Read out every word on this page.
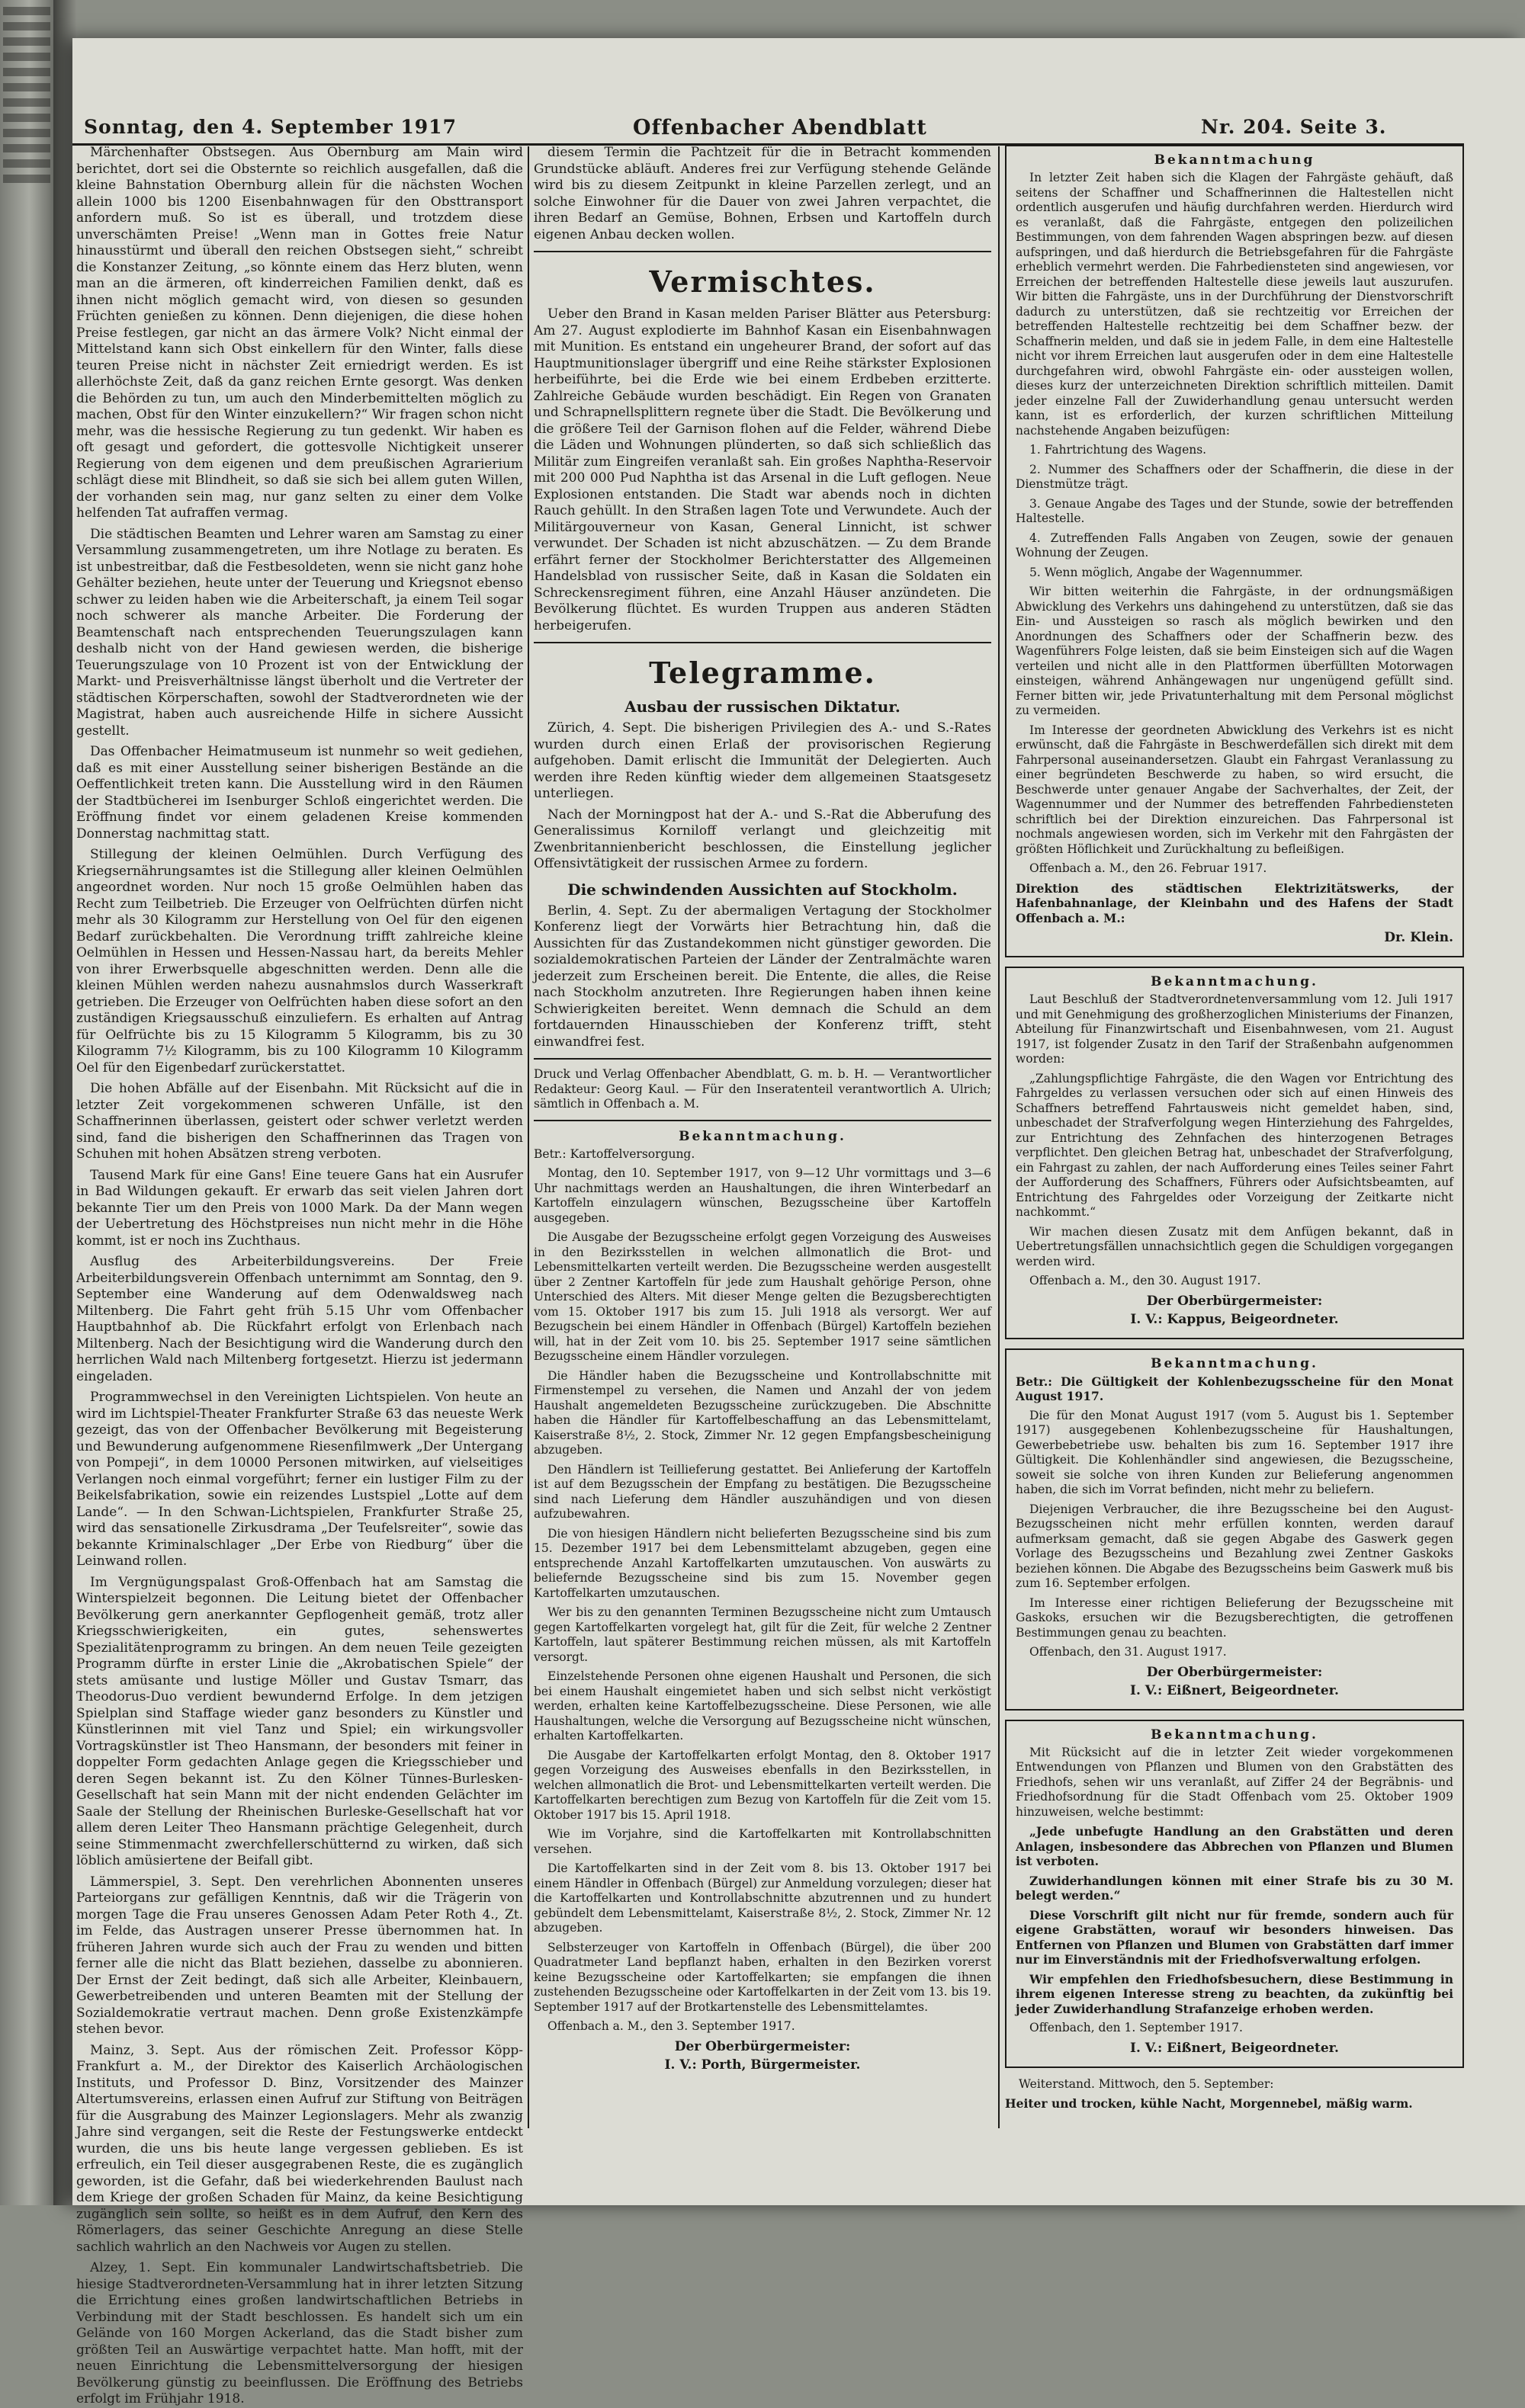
Sonntag, den 4. September 1917	Offenbacher Abendblatt	Nr. 204. Seite 3.

Märchenhafter Obstsegen. Aus Obernburg am Main wird berichtet, dort sei die Obsternte so reichlich ausgefallen, daß die kleine Bahnstation Obernburg allein für die nächsten Wochen allein 1000 bis 1200 Eisenbahnwagen für den Obsttransport anfordern muß. So ist es überall, und trotzdem diese unverschämten Preise! „Wenn man in Gottes freie Natur hinausstürmt und überall den reichen Obstsegen sieht,“ schreibt die Konstanzer Zeitung, „so könnte einem das Herz bluten, wenn man an die ärmeren, oft kinderreichen Familien denkt, daß es ihnen nicht möglich gemacht wird, von diesen so gesunden Früchten genießen zu können. Denn diejenigen, die diese hohen Preise festlegen, gar nicht an das ärmere Volk? Nicht einmal der Mittelstand kann sich Obst einkellern für den Winter, falls diese teuren Preise nicht in nächster Zeit erniedrigt werden. Es ist allerhöchste Zeit, daß da ganz reichen Ernte gesorgt. Was denken die Behörden zu tun, um auch den Minderbemittelten möglich zu machen, Obst für den Winter einzukellern?“ Wir fragen schon nicht mehr, was die hessische Regierung zu tun gedenkt. Wir haben es oft gesagt und gefordert, die gottesvolle Nichtigkeit unserer Regierung von dem eigenen und dem preußischen Agrarierium schlägt diese mit Blindheit, so daß sie sich bei allem guten Willen, der vorhanden sein mag, nur ganz selten zu einer dem Volke helfenden Tat aufraffen vermag.

Die städtischen Beamten und Lehrer waren am Samstag zu einer Versammlung zusammengetreten, um ihre Notlage zu beraten. Es ist unbestreitbar, daß die Festbesoldeten, wenn sie nicht ganz hohe Gehälter beziehen, heute unter der Teuerung und Kriegsnot ebenso schwer zu leiden haben wie die Arbeiterschaft, ja einem Teil sogar noch schwerer als manche Arbeiter. Die Forderung der Beamtenschaft nach entsprechenden Teuerungszulagen kann deshalb nicht von der Hand gewiesen werden, die bisherige Teuerungszulage von 10 Prozent ist von der Entwicklung der Markt- und Preisverhältnisse längst überholt und die Vertreter der städtischen Körperschaften, sowohl der Stadtverordneten wie der Magistrat, haben auch ausreichende Hilfe in sichere Aussicht gestellt.

Das Offenbacher Heimatmuseum ist nunmehr so weit gediehen, daß es mit einer Ausstellung seiner bisherigen Bestände an die Oeffentlichkeit treten kann. Die Ausstellung wird in den Räumen der Stadtbücherei im Isenburger Schloß eingerichtet werden. Die Eröffnung findet vor einem geladenen Kreise kommenden Donnerstag nachmittag statt.

Stillegung der kleinen Oelmühlen. Durch Verfügung des Kriegsernährungsamtes ist die Stillegung aller kleinen Oelmühlen angeordnet worden. Nur noch 15 große Oelmühlen haben das Recht zum Teilbetrieb. Die Erzeuger von Oelfrüchten dürfen nicht mehr als 30 Kilogramm zur Herstellung von Oel für den eigenen Bedarf zurückbehalten. Die Verordnung trifft zahlreiche kleine Oelmühlen in Hessen und Hessen-Nassau hart, da bereits Mehler von ihrer Erwerbsquelle abgeschnitten werden. Denn alle die kleinen Mühlen werden nahezu ausnahmslos durch Wasserkraft getrieben. Die Erzeuger von Oelfrüchten haben diese sofort an den zuständigen Kriegsausschuß einzuliefern. Es erhalten auf Antrag für Oelfrüchte bis zu 15 Kilogramm 5 Kilogramm, bis zu 30 Kilogramm 7½ Kilogramm, bis zu 100 Kilogramm 10 Kilogramm Oel für den Eigenbedarf zurückerstattet.

Die hohen Abfälle auf der Eisenbahn. Mit Rücksicht auf die in letzter Zeit vorgekommenen schweren Unfälle, ist den Schaffnerinnen überlassen, geistert oder schwer verletzt werden sind, fand die bisherigen den Schaffnerinnen das Tragen von Schuhen mit hohen Absätzen streng verboten.

Tausend Mark für eine Gans! Eine teuere Gans hat ein Ausrufer in Bad Wildungen gekauft. Er erwarb das seit vielen Jahren dort bekannte Tier um den Preis von 1000 Mark. Da der Mann wegen der Uebertretung des Höchstpreises nun nicht mehr in die Höhe kommt, ist er noch ins Zuchthaus.

Ausflug des Arbeiterbildungsvereins. Der Freie Arbeiterbildungsverein Offenbach unternimmt am Sonntag, den 9. September eine Wanderung auf dem Odenwaldsweg nach Miltenberg. Die Fahrt geht früh 5.15 Uhr vom Offenbacher Hauptbahnhof ab. Die Rückfahrt erfolgt von Erlenbach nach Miltenberg. Nach der Besichtigung wird die Wanderung durch den herrlichen Wald nach Miltenberg fortgesetzt. Hierzu ist jedermann eingeladen.

Programmwechsel in den Vereinigten Lichtspielen. Von heute an wird im Lichtspiel-Theater Frankfurter Straße 63 das neueste Werk gezeigt, das von der Offenbacher Bevölkerung mit Begeisterung und Bewunderung aufgenommene Riesenfilmwerk „Der Untergang von Pompeji“, in dem 10000 Personen mitwirken, auf vielseitiges Verlangen noch einmal vorgeführt; ferner ein lustiger Film zu der Beikelsfabrikation, sowie ein reizendes Lustspiel „Lotte auf dem Lande“. — In den Schwan-Lichtspielen, Frankfurter Straße 25, wird das sensationelle Zirkusdrama „Der Teufelsreiter“, sowie das bekannte Kriminalschlager „Der Erbe von Riedburg“ über die Leinwand rollen.

Im Vergnügungspalast Groß-Offenbach hat am Samstag die Winterspielzeit begonnen. Die Leitung bietet der Offenbacher Bevölkerung gern anerkannter Gepflogenheit gemäß, trotz aller Kriegsschwierigkeiten, ein gutes, sehenswertes Spezialitätenprogramm zu bringen. An dem neuen Teile gezeigten Programm dürfte in erster Linie die „Akrobatischen Spiele“ der stets amüsante und lustige Möller und Gustav Tsmarr, das Theodorus-Duo verdient bewundernd Erfolge. In dem jetzigen Spielplan sind Staffage wieder ganz besonders zu Künstler und Künstlerinnen mit viel Tanz und Spiel; ein wirkungsvoller Vortragskünstler ist Theo Hansmann, der besonders mit feiner in doppelter Form gedachten Anlage gegen die Kriegsschieber und deren Segen bekannt ist. Zu den Kölner Tünnes-Burlesken-Gesellschaft hat sein Mann mit der nicht endenden Gelächter im Saale der Stellung der Rheinischen Burleske-Gesellschaft hat vor allem deren Leiter Theo Hansmann prächtige Gelegenheit, durch seine Stimmenmacht zwerchfellerschütternd zu wirken, daß sich löblich amüsiertene der Beifall gibt.

Lämmerspiel, 3. Sept. Den verehrlichen Abonnenten unseres Parteiorgans zur gefälligen Kenntnis, daß wir die Trägerin von morgen Tage die Frau unseres Genossen Adam Peter Roth 4., Zt. im Felde, das Austragen unserer Presse übernommen hat. In früheren Jahren wurde sich auch der Frau zu wenden und bitten ferner alle die nicht das Blatt beziehen, dasselbe zu abonnieren. Der Ernst der Zeit bedingt, daß sich alle Arbeiter, Kleinbauern, Gewerbetreibenden und unteren Beamten mit der Stellung der Sozialdemokratie vertraut machen. Denn große Existenzkämpfe stehen bevor.

Mainz, 3. Sept. Aus der römischen Zeit. Professor Köpp-Frankfurt a. M., der Direktor des Kaiserlich Archäologischen Instituts, und Professor D. Binz, Vorsitzender des Mainzer Altertumsvereins, erlassen einen Aufruf zur Stiftung von Beiträgen für die Ausgrabung des Mainzer Legionslagers. Mehr als zwanzig Jahre sind vergangen, seit die Reste der Festungswerke entdeckt wurden, die uns bis heute lange vergessen geblieben. Es ist erfreulich, ein Teil dieser ausgegrabenen Reste, die es zugänglich geworden, ist die Gefahr, daß bei wiederkehrenden Baulust nach dem Kriege der großen Schaden für Mainz, da keine Besichtigung zugänglich sein sollte, so heißt es in dem Aufruf, den Kern des Römerlagers, das seiner Geschichte Anregung an diese Stelle sachlich wahrlich an den Nachweis vor Augen zu stellen.

Alzey, 1. Sept. Ein kommunaler Landwirtschaftsbetrieb. Die hiesige Stadtverordneten-Versammlung hat in ihrer letzten Sitzung die Errichtung eines großen landwirtschaftlichen Betriebs in Verbindung mit der Stadt beschlossen. Es handelt sich um ein Gelände von 160 Morgen Ackerland, das die Stadt bisher zum größten Teil an Auswärtige verpachtet hatte. Man hofft, mit der neuen Einrichtung die Lebensmittelversorgung der hiesigen Bevölkerung günstig zu beeinflussen. Die Eröffnung des Betriebs erfolgt im Frühjahr 1918.

diesem Termin die Pachtzeit für die in Betracht kommenden Grundstücke abläuft. Anderes frei zur Verfügung stehende Gelände wird bis zu diesem Zeitpunkt in kleine Parzellen zerlegt, und an solche Einwohner für die Dauer von zwei Jahren verpachtet, die ihren Bedarf an Gemüse, Bohnen, Erbsen und Kartoffeln durch eigenen Anbau decken wollen.

Vermischtes.

Ueber den Brand in Kasan melden Pariser Blätter aus Petersburg: Am 27. August explodierte im Bahnhof Kasan ein Eisenbahnwagen mit Munition. Es entstand ein ungeheurer Brand, der sofort auf das Hauptmunitionslager übergriff und eine Reihe stärkster Explosionen herbeiführte, bei die Erde wie bei einem Erdbeben erzitterte. Zahlreiche Gebäude wurden beschädigt. Ein Regen von Granaten und Schrapnellsplittern regnete über die Stadt. Die Bevölkerung und die größere Teil der Garnison flohen auf die Felder, während Diebe die Läden und Wohnungen plünderten, so daß sich schließlich das Militär zum Eingreifen veranlaßt sah. Ein großes Naphtha-Reservoir mit 200 000 Pud Naphtha ist das Arsenal in die Luft geflogen. Neue Explosionen entstanden. Die Stadt war abends noch in dichten Rauch gehüllt. In den Straßen lagen Tote und Verwundete. Auch der Militärgouverneur von Kasan, General Linnicht, ist schwer verwundet. Der Schaden ist nicht abzuschätzen. — Zu dem Brande erfährt ferner der Stockholmer Berichterstatter des Allgemeinen Handelsblad von russischer Seite, daß in Kasan die Soldaten ein Schreckensregiment führen, eine Anzahl Häuser anzündeten. Die Bevölkerung flüchtet. Es wurden Truppen aus anderen Städten herbeigerufen.

Telegramme.
Ausbau der russischen Diktatur.

Zürich, 4. Sept. Die bisherigen Privilegien des A.- und S.-Rates wurden durch einen Erlaß der provisorischen Regierung aufgehoben. Damit erlischt die Immunität der Delegierten. Auch werden ihre Reden künftig wieder dem allgemeinen Staatsgesetz unterliegen.

Nach der Morningpost hat der A.- und S.-Rat die Abberufung des Generalissimus Korniloff verlangt und gleichzeitig mit Zwenbritannienbericht beschlossen, die Einstellung jeglicher Offensivtätigkeit der russischen Armee zu fordern.

Die schwindenden Aussichten auf Stockholm.

Berlin, 4. Sept. Zu der abermaligen Vertagung der Stockholmer Konferenz liegt der Vorwärts hier Betrachtung hin, daß die Aussichten für das Zustandekommen nicht günstiger geworden. Die sozialdemokratischen Parteien der Länder der Zentralmächte waren jederzeit zum Erscheinen bereit. Die Entente, die alles, die Reise nach Stockholm anzutreten. Ihre Regierungen haben ihnen keine Schwierigkeiten bereitet. Wenn demnach die Schuld an dem fortdauernden Hinausschieben der Konferenz trifft, steht einwandfrei fest.

Druck und Verlag Offenbacher Abendblatt, G. m. b. H. — Verantwortlicher Redakteur: Georg Kaul. — Für den Inseratenteil verantwortlich A. Ulrich; sämtlich in Offenbach a. M.

Bekanntmachung.

Betr.: Kartoffelversorgung.

Montag, den 10. September 1917, von 9—12 Uhr vormittags und 3—6 Uhr nachmittags werden an Haushaltungen, die ihren Winterbedarf an Kartoffeln einzulagern wünschen, Bezugsscheine über Kartoffeln ausgegeben.

Die Ausgabe der Bezugsscheine erfolgt gegen Vorzeigung des Ausweises in den Bezirksstellen in welchen allmonatlich die Brot- und Lebensmittelkarten verteilt werden. Die Bezugsscheine werden ausgestellt über 2 Zentner Kartoffeln für jede zum Haushalt gehörige Person, ohne Unterschied des Alters. Mit dieser Menge gelten die Bezugsberechtigten vom 15. Oktober 1917 bis zum 15. Juli 1918 als versorgt. Wer auf Bezugschein bei einem Händler in Offenbach (Bürgel) Kartoffeln beziehen will, hat in der Zeit vom 10. bis 25. September 1917 seine sämtlichen Bezugsscheine einem Händler vorzulegen.

Die Händler haben die Bezugsscheine und Kontrollabschnitte mit Firmenstempel zu versehen, die Namen und Anzahl der von jedem Haushalt angemeldeten Bezugsscheine zurückzugeben. Die Abschnitte haben die Händler für Kartoffelbeschaffung an das Lebensmittelamt, Kaiserstraße 8½, 2. Stock, Zimmer Nr. 12 gegen Empfangsbescheinigung abzugeben.

Den Händlern ist Teillieferung gestattet. Bei Anlieferung der Kartoffeln ist auf dem Bezugsschein der Empfang zu bestätigen. Die Bezugsscheine sind nach Lieferung dem Händler auszuhändigen und von diesen aufzubewahren.

Die von hiesigen Händlern nicht belieferten Bezugsscheine sind bis zum 15. Dezember 1917 bei dem Lebensmittelamt abzugeben, gegen eine entsprechende Anzahl Kartoffelkarten umzutauschen. Von auswärts zu beliefernde Bezugsscheine sind bis zum 15. November gegen Kartoffelkarten umzutauschen.

Wer bis zu den genannten Terminen Bezugsscheine nicht zum Umtausch gegen Kartoffelkarten vorgelegt hat, gilt für die Zeit, für welche 2 Zentner Kartoffeln, laut späterer Bestimmung reichen müssen, als mit Kartoffeln versorgt.

Einzelstehende Personen ohne eigenen Haushalt und Personen, die sich bei einem Haushalt eingemietet haben und sich selbst nicht verköstigt werden, erhalten keine Kartoffelbezugsscheine. Diese Personen, wie alle Haushaltungen, welche die Versorgung auf Bezugsscheine nicht wünschen, erhalten Kartoffelkarten.

Die Ausgabe der Kartoffelkarten erfolgt Montag, den 8. Oktober 1917 gegen Vorzeigung des Ausweises ebenfalls in den Bezirksstellen, in welchen allmonatlich die Brot- und Lebensmittelkarten verteilt werden. Die Kartoffelkarten berechtigen zum Bezug von Kartoffeln für die Zeit vom 15. Oktober 1917 bis 15. April 1918.

Wie im Vorjahre, sind die Kartoffelkarten mit Kontrollabschnitten versehen.

Die Kartoffelkarten sind in der Zeit vom 8. bis 13. Oktober 1917 bei einem Händler in Offenbach (Bürgel) zur Anmeldung vorzulegen; dieser hat die Kartoffelkarten und Kontrollabschnitte abzutrennen und zu hundert gebündelt dem Lebensmittelamt, Kaiserstraße 8½, 2. Stock, Zimmer Nr. 12 abzugeben.

Selbsterzeuger von Kartoffeln in Offenbach (Bürgel), die über 200 Quadratmeter Land bepflanzt haben, erhalten in den Bezirken vorerst keine Bezugsscheine oder Kartoffelkarten; sie empfangen die ihnen zustehenden Bezugsscheine oder Kartoffelkarten in der Zeit vom 13. bis 19. September 1917 auf der Brotkartenstelle des Lebensmittelamtes.

Offenbach a. M., den 3. September 1917.

Der Oberbürgermeister:
I. V.: Porth, Bürgermeister.
Bekanntmachung

In letzter Zeit haben sich die Klagen der Fahrgäste gehäuft, daß seitens der Schaffner und Schaffnerinnen die Haltestellen nicht ordentlich ausgerufen und häufig durchfahren werden. Hierdurch wird es veranlaßt, daß die Fahrgäste, entgegen den polizeilichen Bestimmungen, von dem fahrenden Wagen abspringen bezw. auf diesen aufspringen, und daß hierdurch die Betriebsgefahren für die Fahrgäste erheblich vermehrt werden. Die Fahrbediensteten sind angewiesen, vor Erreichen der betreffenden Haltestelle diese jeweils laut auszurufen. Wir bitten die Fahrgäste, uns in der Durchführung der Dienstvorschrift dadurch zu unterstützen, daß sie rechtzeitig vor Erreichen der betreffenden Haltestelle rechtzeitig bei dem Schaffner bezw. der Schaffnerin melden, und daß sie in jedem Falle, in dem eine Haltestelle nicht vor ihrem Erreichen laut ausgerufen oder in dem eine Haltestelle durchgefahren wird, obwohl Fahrgäste ein- oder aussteigen wollen, dieses kurz der unterzeichneten Direktion schriftlich mitteilen. Damit jeder einzelne Fall der Zuwiderhandlung genau untersucht werden kann, ist es erforderlich, der kurzen schriftlichen Mitteilung nachstehende Angaben beizufügen:

1. Fahrtrichtung des Wagens.

2. Nummer des Schaffners oder der Schaffnerin, die diese in der Dienstmütze trägt.

3. Genaue Angabe des Tages und der Stunde, sowie der betreffenden Haltestelle.

4. Zutreffenden Falls Angaben von Zeugen, sowie der genauen Wohnung der Zeugen.

5. Wenn möglich, Angabe der Wagennummer.

Wir bitten weiterhin die Fahrgäste, in der ordnungsmäßigen Abwicklung des Verkehrs uns dahingehend zu unterstützen, daß sie das Ein- und Aussteigen so rasch als möglich bewirken und den Anordnungen des Schaffners oder der Schaffnerin bezw. des Wagenführers Folge leisten, daß sie beim Einsteigen sich auf die Wagen verteilen und nicht alle in den Plattformen überfüllten Motorwagen einsteigen, während Anhängewagen nur ungenügend gefüllt sind. Ferner bitten wir, jede Privatunterhaltung mit dem Personal möglichst zu vermeiden.

Im Interesse der geordneten Abwicklung des Verkehrs ist es nicht erwünscht, daß die Fahrgäste in Beschwerdefällen sich direkt mit dem Fahrpersonal auseinandersetzen. Glaubt ein Fahrgast Veranlassung zu einer begründeten Beschwerde zu haben, so wird ersucht, die Beschwerde unter genauer Angabe der Sachverhaltes, der Zeit, der Wagennummer und der Nummer des betreffenden Fahrbediensteten schriftlich bei der Direktion einzureichen. Das Fahrpersonal ist nochmals angewiesen worden, sich im Verkehr mit den Fahrgästen der größten Höflichkeit und Zurückhaltung zu befleißigen.

Offenbach a. M., den 26. Februar 1917.

Direktion des städtischen Elektrizitätswerks, der Hafenbahnanlage, der Kleinbahn und des Hafens der Stadt Offenbach a. M.:

Dr. Klein.
Bekanntmachung.

Laut Beschluß der Stadtverordnetenversammlung vom 12. Juli 1917 und mit Genehmigung des großherzoglichen Ministeriums der Finanzen, Abteilung für Finanzwirtschaft und Eisenbahnwesen, vom 21. August 1917, ist folgender Zusatz in den Tarif der Straßenbahn aufgenommen worden:

„Zahlungspflichtige Fahrgäste, die den Wagen vor Entrichtung des Fahrgeldes zu verlassen versuchen oder sich auf einen Hinweis des Schaffners betreffend Fahrtausweis nicht gemeldet haben, sind, unbeschadet der Strafverfolgung wegen Hinterziehung des Fahrgeldes, zur Entrichtung des Zehnfachen des hinterzogenen Betrages verpflichtet. Den gleichen Betrag hat, unbeschadet der Strafverfolgung, ein Fahrgast zu zahlen, der nach Aufforderung eines Teiles seiner Fahrt der Aufforderung des Schaffners, Führers oder Aufsichtsbeamten, auf Entrichtung des Fahrgeldes oder Vorzeigung der Zeitkarte nicht nachkommt.“

Wir machen diesen Zusatz mit dem Anfügen bekannt, daß in Uebertretungsfällen unnachsichtlich gegen die Schuldigen vorgegangen werden wird.

Offenbach a. M., den 30. August 1917.

Der Oberbürgermeister:
I. V.: Kappus, Beigeordneter.
Bekanntmachung.

Betr.: Die Gültigkeit der Kohlenbezugsscheine für den Monat August 1917.

Die für den Monat August 1917 (vom 5. August bis 1. September 1917) ausgegebenen Kohlenbezugsscheine für Haushaltungen, Gewerbebetriebe usw. behalten bis zum 16. September 1917 ihre Gültigkeit. Die Kohlenhändler sind angewiesen, die Bezugsscheine, soweit sie solche von ihren Kunden zur Belieferung angenommen haben, die sich im Vorrat befinden, nicht mehr zu beliefern.

Diejenigen Verbraucher, die ihre Bezugsscheine bei den August-Bezugsscheinen nicht mehr erfüllen konnten, werden darauf aufmerksam gemacht, daß sie gegen Abgabe des Gaswerk gegen Vorlage des Bezugsscheins und Bezahlung zwei Zentner Gaskoks beziehen können. Die Abgabe des Bezugsscheins beim Gaswerk muß bis zum 16. September erfolgen.

Im Interesse einer richtigen Belieferung der Bezugsscheine mit Gaskoks, ersuchen wir die Bezugsberechtigten, die getroffenen Bestimmungen genau zu beachten.

Offenbach, den 31. August 1917.

Der Oberbürgermeister:
I. V.: Eißnert, Beigeordneter.
Bekanntmachung.

Mit Rücksicht auf die in letzter Zeit wieder vorgekommenen Entwendungen von Pflanzen und Blumen von den Grabstätten des Friedhofs, sehen wir uns veranlaßt, auf Ziffer 24 der Begräbnis- und Friedhofsordnung für die Stadt Offenbach vom 25. Oktober 1909 hinzuweisen, welche bestimmt:

„Jede unbefugte Handlung an den Grabstätten und deren Anlagen, insbesondere das Abbrechen von Pflanzen und Blumen ist verboten.

Zuwiderhandlungen können mit einer Strafe bis zu 30 M. belegt werden.“

Diese Vorschrift gilt nicht nur für fremde, sondern auch für eigene Grabstätten, worauf wir besonders hinweisen. Das Entfernen von Pflanzen und Blumen von Grabstätten darf immer nur im Einverständnis mit der Friedhofsverwaltung erfolgen.

Wir empfehlen den Friedhofsbesuchern, diese Bestimmung in ihrem eigenen Interesse streng zu beachten, da zukünftig bei jeder Zuwiderhandlung Strafanzeige erhoben werden.

Offenbach, den 1. September 1917.

I. V.: Eißnert, Beigeordneter.

Weiterstand. Mittwoch, den 5. September:

Heiter und trocken, kühle Nacht, Morgennebel, mäßig warm.
